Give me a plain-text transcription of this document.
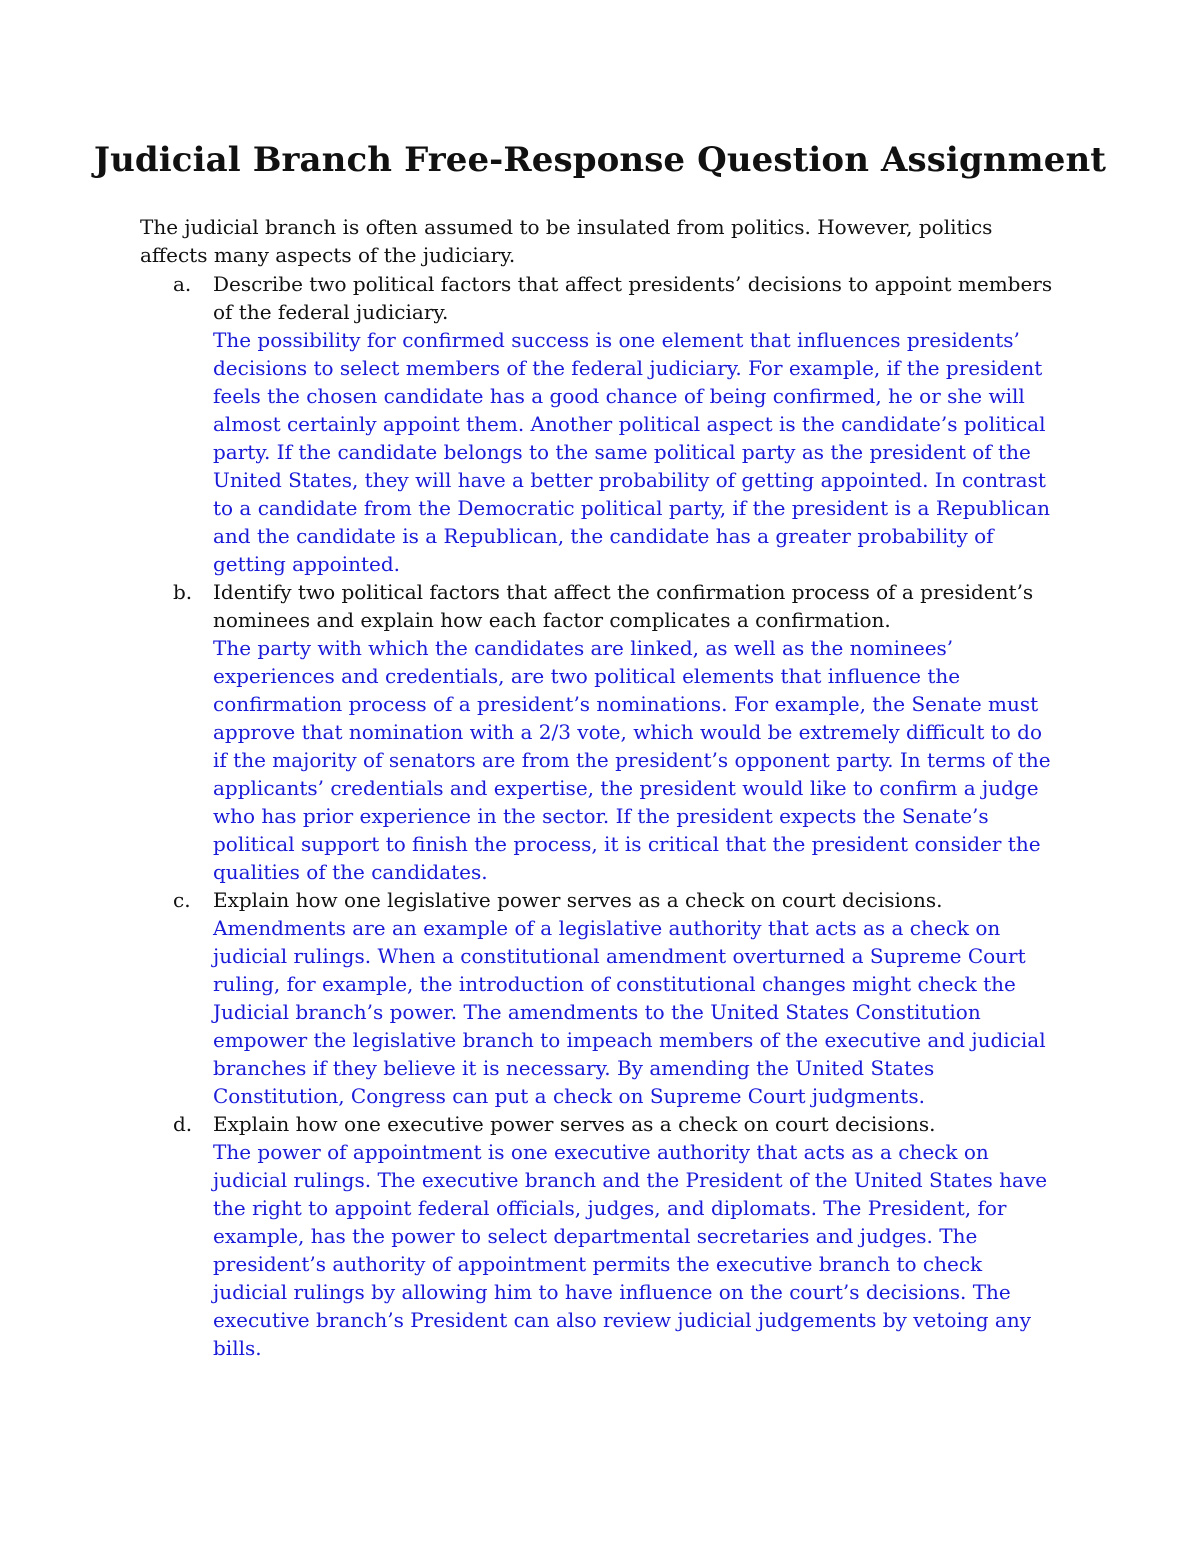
Judicial Branch Free-Response Question Assignment

The judicial branch is often assumed to be insulated from politics. However, politics affects many aspects of the judiciary.

a. Describe two political factors that affect presidents’ decisions to appoint members of the federal judiciary.
The possibility for confirmed success is one element that influences presidents’ decisions to select members of the federal judiciary. For example, if the president feels the chosen candidate has a good chance of being confirmed, he or she will almost certainly appoint them. Another political aspect is the candidate’s political party. If the candidate belongs to the same political party as the president of the United States, they will have a better probability of getting appointed. In contrast to a candidate from the Democratic political party, if the president is a Republican and the candidate is a Republican, the candidate has a greater probability of getting appointed.
b. Identify two political factors that affect the confirmation process of a president’s nominees and explain how each factor complicates a confirmation.
The party with which the candidates are linked, as well as the nominees’ experiences and credentials, are two political elements that influence the confirmation process of a president’s nominations. For example, the Senate must approve that nomination with a 2/3 vote, which would be extremely difficult to do if the majority of senators are from the president’s opponent party. In terms of the applicants’ credentials and expertise, the president would like to confirm a judge who has prior experience in the sector. If the president expects the Senate’s political support to finish the process, it is critical that the president consider the qualities of the candidates.
c. Explain how one legislative power serves as a check on court decisions.
Amendments are an example of a legislative authority that acts as a check on judicial rulings. When a constitutional amendment overturned a Supreme Court ruling, for example, the introduction of constitutional changes might check the Judicial branch’s power. The amendments to the United States Constitution empower the legislative branch to impeach members of the executive and judicial branches if they believe it is necessary. By amending the United States Constitution, Congress can put a check on Supreme Court judgments.
d. Explain how one executive power serves as a check on court decisions.
The power of appointment is one executive authority that acts as a check on judicial rulings. The executive branch and the President of the United States have the right to appoint federal officials, judges, and diplomats. The President, for example, has the power to select departmental secretaries and judges. The president’s authority of appointment permits the executive branch to check judicial rulings by allowing him to have influence on the court’s decisions. The executive branch’s President can also review judicial judgements by vetoing any bills.
